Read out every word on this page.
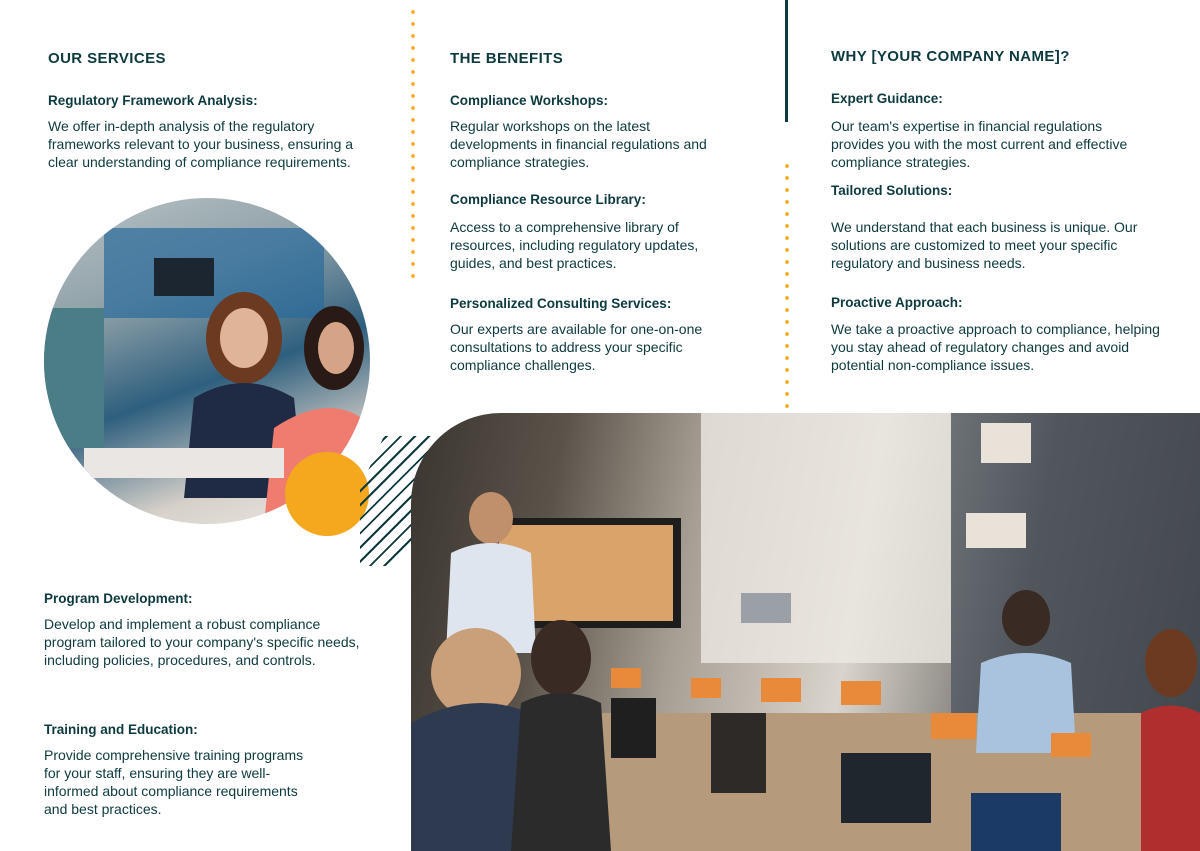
OUR SERVICES

Regulatory Framework Analysis:

We offer in-depth analysis of the regulatory frameworks relevant to your business, ensuring a clear understanding of compliance requirements.

Program Development:

Develop and implement a robust compliance program tailored to your company's specific needs, including policies, procedures, and controls.

Training and Education:

Provide comprehensive training programs for your staff, ensuring they are well-informed about compliance requirements and best practices.

THE BENEFITS

Compliance Workshops:

Regular workshops on the latest developments in financial regulations and compliance strategies.

Compliance Resource Library:

Access to a comprehensive library of resources, including regulatory updates, guides, and best practices.

Personalized Consulting Services:

Our experts are available for one-on-one consultations to address your specific compliance challenges.

WHY [YOUR COMPANY NAME]?

Expert Guidance:

Our team's expertise in financial regulations provides you with the most current and effective compliance strategies.

Tailored Solutions:

We understand that each business is unique. Our solutions are customized to meet your specific regulatory and business needs.

Proactive Approach:

We take a proactive approach to compliance, helping you stay ahead of regulatory changes and avoid potential non-compliance issues.
